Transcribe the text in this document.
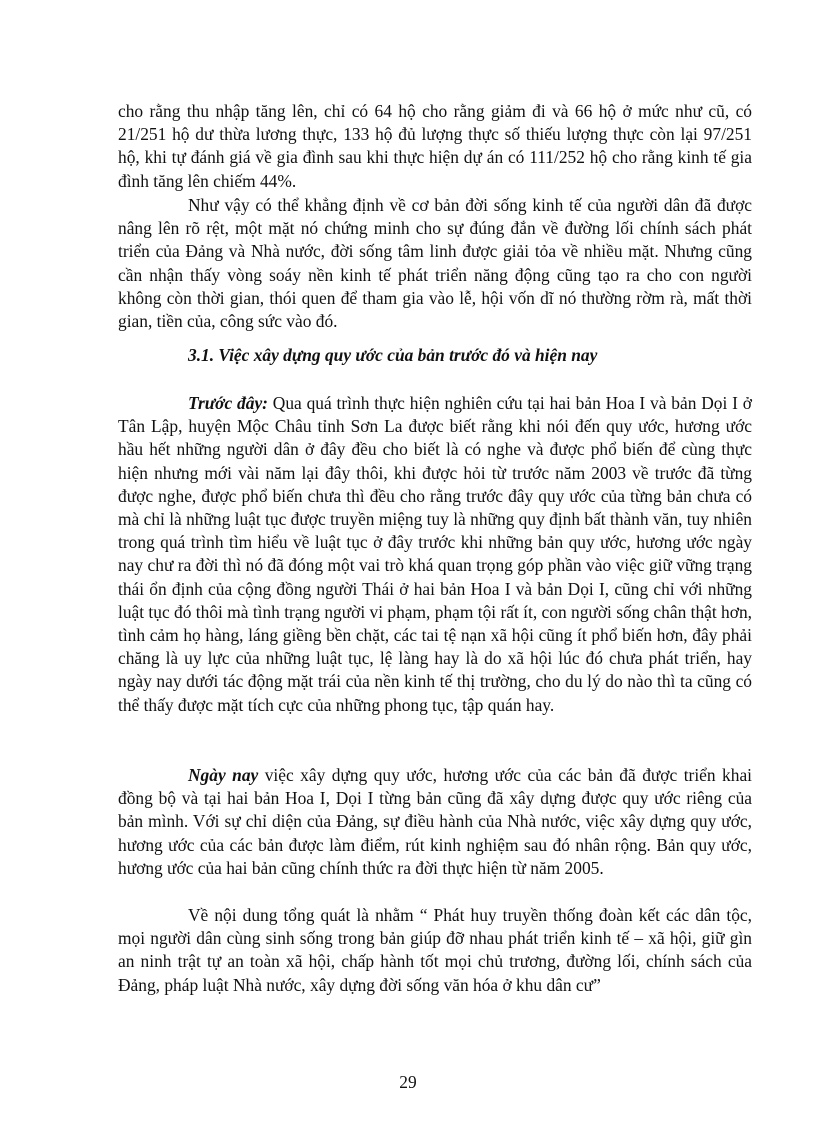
cho rằng thu nhập tăng lên, chỉ có 64 hộ cho rằng giảm đi và 66 hộ ở mức như cũ, có 21/251 hộ dư thừa lương thực, 133 hộ đủ lượng thực số thiếu lượng thực còn lại 97/251 hộ, khi tự đánh giá về gia đình sau khi thực hiện dự án có 111/252 hộ cho rằng kinh tế gia đình tăng lên chiếm 44%.

Như vậy có thể khẳng định về cơ bản đời sống kinh tế của người dân đã được nâng lên rõ rệt, một mặt nó chứng minh cho sự đúng đắn về đường lối chính sách phát triển của Đảng và Nhà nước, đời sống tâm linh được giải tỏa về nhiều mặt. Nhưng cũng cần nhận thấy vòng soáy nền kinh tế phát triển năng động cũng tạo ra cho con người không còn thời gian, thói quen để tham gia vào lễ, hội vốn dĩ nó thường rờm rà, mất thời gian, tiền của, công sức vào đó.

3.1. Việc xây dựng quy ước của bản trước đó và hiện nay

Trước đây: Qua quá trình thực hiện nghiên cứu tại hai bản Hoa I và bản Dọi I ở Tân Lập, huyện Mộc Châu tỉnh Sơn La được biết rằng khi nói đến quy ước, hương ước hầu hết những người dân ở đây đều cho biết là có nghe và được phổ biến để cùng thực hiện nhưng mới vài năm lại đây thôi, khi được hỏi từ trước năm 2003 về trước đã từng được nghe, được phổ biến chưa thì đều cho rằng trước đây quy ước của từng bản chưa có mà chỉ là những luật tục được truyền miệng tuy là những quy định bất thành văn, tuy nhiên trong quá trình tìm hiểu về luật tục ở đây trước khi những bản quy ước, hương ước ngày nay chư ra đời thì nó đã đóng một vai trò khá quan trọng góp phần vào việc giữ vững trạng thái ổn định của cộng đồng người Thái ở hai bản Hoa I và bản Dọi I, cũng chỉ với những luật tục đó thôi mà tình trạng người vi phạm, phạm tội rất ít, con người sống chân thật hơn, tình cảm họ hàng, láng giềng bền chặt, các tai tệ nạn xã hội cũng ít phổ biến hơn, đây phải chăng là uy lực của những luật tục, lệ làng hay là do xã hội lúc đó chưa phát triển, hay ngày nay dưới tác động mặt trái của nền kinh tế thị trường, cho du lý do nào thì ta cũng có thể thấy được mặt tích cực của những phong tục, tập quán hay.

Ngày nay việc xây dựng quy ước, hương ước của các bản đã được triển khai đồng bộ và tại hai bản Hoa I, Dọi I từng bản cũng đã xây dựng được quy ước riêng của bản mình. Với sự chỉ diện của Đảng, sự điều hành của Nhà nước, việc xây dựng quy ước, hương ước của các bản được làm điểm, rút kinh nghiệm sau đó nhân rộng. Bản quy ước, hương ước của hai bản cũng chính thức ra đời thực hiện từ năm 2005.

Về nội dung tổng quát là nhằm “ Phát huy truyền thống đoàn kết các dân tộc, mọi người dân cùng sinh sống trong bản giúp đỡ nhau phát triển kinh tế – xã hội, giữ gìn an ninh trật tự an toàn xã hội, chấp hành tốt mọi chủ trương, đường lối, chính sách của Đảng, pháp luật Nhà nước, xây dựng đời sống văn hóa ở khu dân cư”

29
